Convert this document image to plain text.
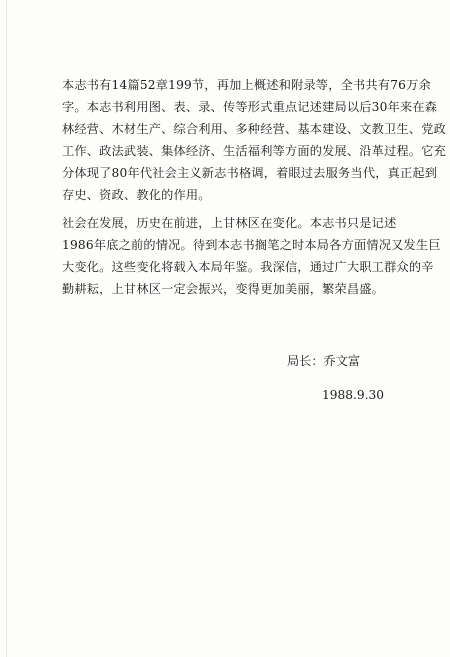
本志书有14篇52章199节，再加上概述和附录等，全书共有76万余
字。本志书利用图、表、录、传等形式重点记述建局以后30年来在森
林经营、木材生产、综合利用、多种经营、基本建设、文教卫生、党政
工作、政法武装、集体经济、生活福利等方面的发展、沿革过程。它充
分体现了80年代社会主义新志书格调，着眼过去服务当代，真正起到
存史、资政、教化的作用。
社会在发展，历史在前进，上甘林区在变化。本志书只是记述
1986年底之前的情况。待到本志书搁笔之时本局各方面情况又发生巨
大变化。这些变化将载入本局年鉴。我深信，通过广大职工群众的辛
勤耕耘，上甘林区一定会振兴，变得更加美丽，繁荣昌盛。
局长：乔文富
1988.9.30
